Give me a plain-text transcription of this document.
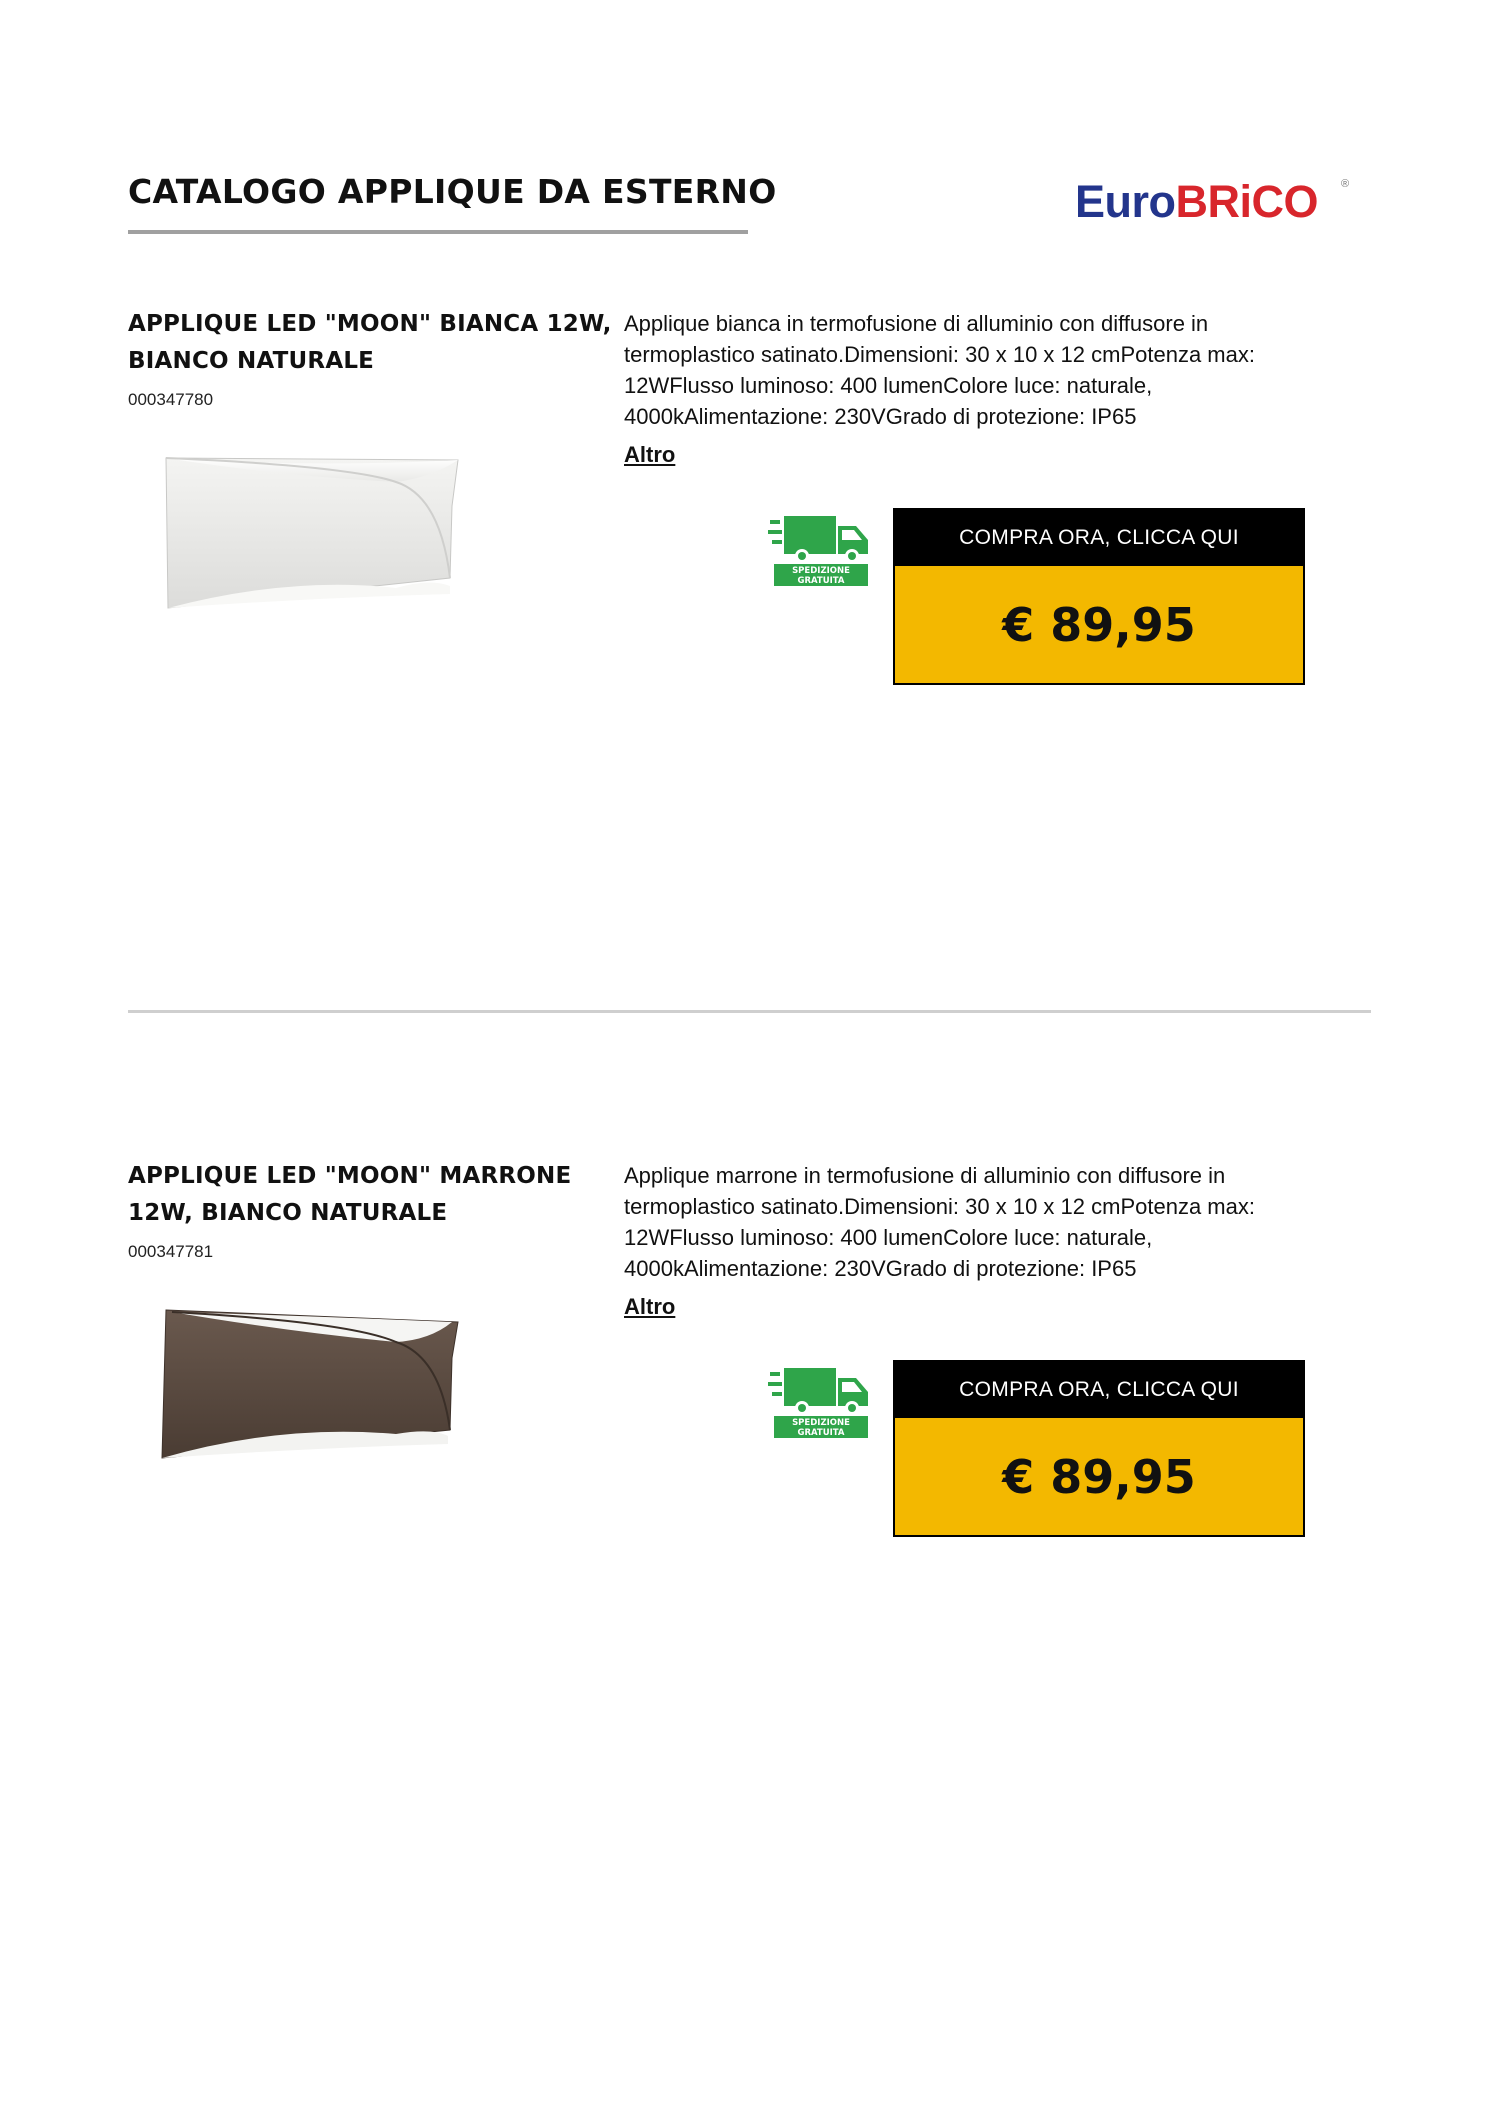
CATALOGO APPLIQUE DA ESTERNO	EuroBRiCO ®
APPLIQUE LED "MOON" BIANCA 12W, BIANCO NATURALE
000347780
Applique bianca in termofusione di alluminio con diffusore in termoplastico satinato.Dimensioni: 30 x 10 x 12 cmPotenza max: 12WFlusso luminoso: 400 lumenColore luce: naturale, 4000kAlimentazione: 230VGrado di protezione: IP65
Altro
SPEDIZIONE
GRATUITA
COMPRA ORA, CLICCA QUI
€ 89,95
APPLIQUE LED "MOON" MARRONE 12W, BIANCO NATURALE
000347781
Applique marrone in termofusione di alluminio con diffusore in termoplastico satinato.Dimensioni: 30 x 10 x 12 cmPotenza max: 12WFlusso luminoso: 400 lumenColore luce: naturale, 4000kAlimentazione: 230VGrado di protezione: IP65
Altro
SPEDIZIONE
GRATUITA
COMPRA ORA, CLICCA QUI
€ 89,95
